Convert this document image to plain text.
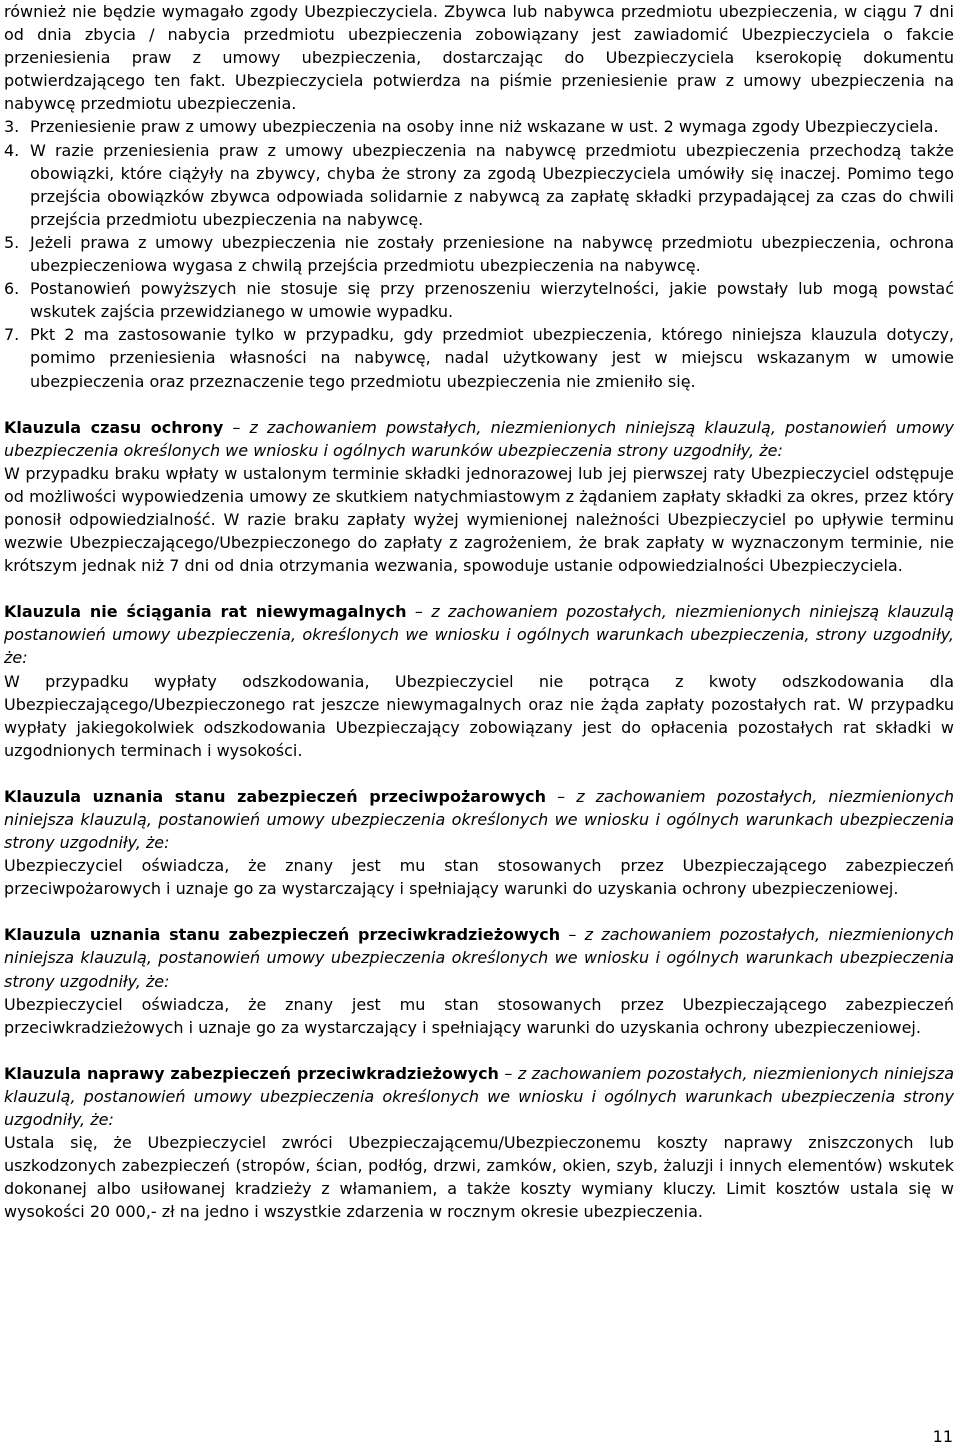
również nie będzie wymagało zgody Ubezpieczyciela. Zbywca lub nabywca przedmiotu ubezpieczenia, w ciągu 7 dni od dnia zbycia / nabycia przedmiotu ubezpieczenia zobowiązany jest zawiadomić Ubezpieczyciela o fakcie przeniesienia praw z umowy ubezpieczenia, dostarczając do Ubezpieczyciela kserokopię dokumentu potwierdzającego ten fakt. Ubezpieczyciela potwierdza na piśmie przeniesienie praw z umowy ubezpieczenia na nabywcę przedmiotu ubezpieczenia.

3. Przeniesienie praw z umowy ubezpieczenia na osoby inne niż wskazane w ust. 2 wymaga zgody Ubezpieczyciela.
4. W razie przeniesienia praw z umowy ubezpieczenia na nabywcę przedmiotu ubezpieczenia przechodzą także obowiązki, które ciążyły na zbywcy, chyba że strony za zgodą Ubezpieczyciela umówiły się inaczej. Pomimo tego przejścia obowiązków zbywca odpowiada solidarnie z nabywcą za zapłatę składki przypadającej za czas do chwili przejścia przedmiotu ubezpieczenia na nabywcę.
5. Jeżeli prawa z umowy ubezpieczenia nie zostały przeniesione na nabywcę przedmiotu ubezpieczenia, ochrona ubezpieczeniowa wygasa z chwilą przejścia przedmiotu ubezpieczenia na nabywcę.
6. Postanowień powyższych nie stosuje się przy przenoszeniu wierzytelności, jakie powstały lub mogą powstać wskutek zajścia przewidzianego w umowie wypadku.
7. Pkt 2 ma zastosowanie tylko w przypadku, gdy przedmiot ubezpieczenia, którego niniejsza klauzula dotyczy, pomimo przeniesienia własności na nabywcę, nadal użytkowany jest w miejscu wskazanym w umowie ubezpieczenia oraz przeznaczenie tego przedmiotu ubezpieczenia nie zmieniło się.
Klauzula czasu ochrony – z zachowaniem powstałych, niezmienionych niniejszą klauzulą, postanowień umowy ubezpieczenia określonych we wniosku i ogólnych warunków ubezpieczenia strony uzgodniły, że:
W przypadku braku wpłaty w ustalonym terminie składki jednorazowej lub jej pierwszej raty Ubezpieczyciel odstępuje od możliwości wypowiedzenia umowy ze skutkiem natychmiastowym z żądaniem zapłaty składki za okres, przez który ponosił odpowiedzialność. W razie braku zapłaty wyżej wymienionej należności Ubezpieczyciel po upływie terminu wezwie Ubezpieczającego/Ubezpieczonego do zapłaty z zagrożeniem, że brak zapłaty w wyznaczonym terminie, nie krótszym jednak niż 7 dni od dnia otrzymania wezwania, spowoduje ustanie odpowiedzialności Ubezpieczyciela.
Klauzula nie ściągania rat niewymagalnych – z zachowaniem pozostałych, niezmienionych niniejszą klauzulą postanowień umowy ubezpieczenia, określonych we wniosku i ogólnych warunkach ubezpieczenia, strony uzgodniły, że:
W przypadku wypłaty odszkodowania, Ubezpieczyciel nie potrąca z kwoty odszkodowania dla Ubezpieczającego/Ubezpieczonego rat jeszcze niewymagalnych oraz nie żąda zapłaty pozostałych rat. W przypadku wypłaty jakiegokolwiek odszkodowania Ubezpieczający zobowiązany jest do opłacenia pozostałych rat składki w uzgodnionych terminach i wysokości.
Klauzula uznania stanu zabezpieczeń przeciwpożarowych – z zachowaniem pozostałych, niezmienionych niniejsza klauzulą, postanowień umowy ubezpieczenia określonych we wniosku i ogólnych warunkach ubezpieczenia strony uzgodniły, że:
Ubezpieczyciel oświadcza, że znany jest mu stan stosowanych przez Ubezpieczającego zabezpieczeń przeciwpożarowych i uznaje go za wystarczający i spełniający warunki do uzyskania ochrony ubezpieczeniowej.
Klauzula uznania stanu zabezpieczeń przeciwkradzieżowych – z zachowaniem pozostałych, niezmienionych niniejsza klauzulą, postanowień umowy ubezpieczenia określonych we wniosku i ogólnych warunkach ubezpieczenia strony uzgodniły, że:
Ubezpieczyciel oświadcza, że znany jest mu stan stosowanych przez Ubezpieczającego zabezpieczeń przeciwkradzieżowych i uznaje go za wystarczający i spełniający warunki do uzyskania ochrony ubezpieczeniowej.
Klauzula naprawy zabezpieczeń przeciwkradzieżowych – z zachowaniem pozostałych, niezmienionych niniejsza klauzulą, postanowień umowy ubezpieczenia określonych we wniosku i ogólnych warunkach ubezpieczenia strony uzgodniły, że:
Ustala się, że Ubezpieczyciel zwróci Ubezpieczającemu/Ubezpieczonemu koszty naprawy zniszczonych lub uszkodzonych zabezpieczeń (stropów, ścian, podłóg, drzwi, zamków, okien, szyb, żaluzji i innych elementów) wskutek dokonanej albo usiłowanej kradzieży z włamaniem, a także koszty wymiany kluczy. Limit kosztów ustala się w wysokości 20 000,- zł na jedno i wszystkie zdarzenia w rocznym okresie ubezpieczenia.
11
